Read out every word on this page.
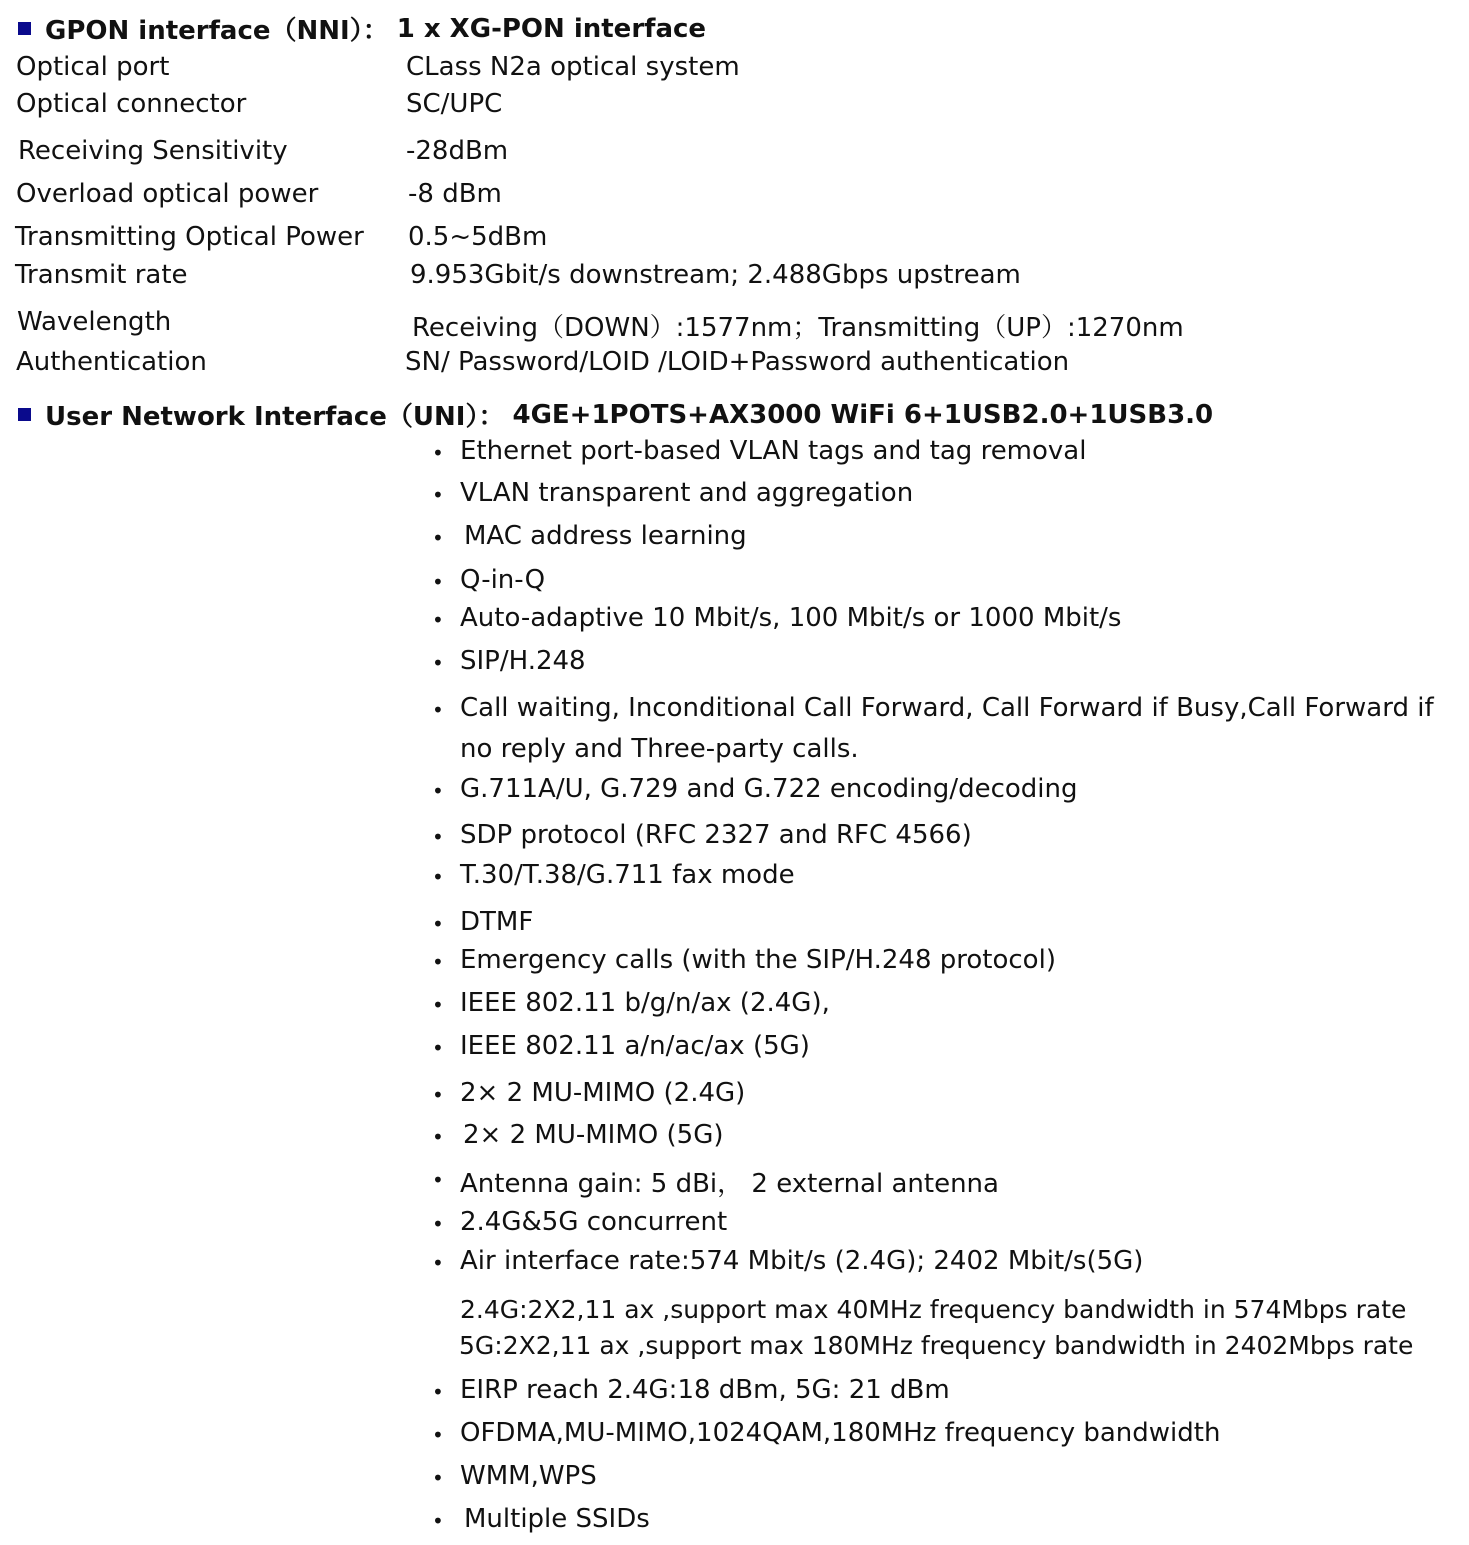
GPON interface（NNI）： 1 x XG-PON interface
Optical port	CLass N2a optical system
Optical connector	SC/UPC
Receiving Sensitivity	-28dBm
Overload optical power	-8 dBm
Transmitting Optical Power 0.5~5dBm
Transmit rate	9.953Gbit/s downstream; 2.488Gbps upstream
Wavelength	Receiving（DOWN）:1577nm；Transmitting（UP）:1270nm
Authentication	SN/ Password/LOID /LOID+Password authentication
User Network Interface（UNI）： 4GE+1POTS+AX3000 WiFi 6+1USB2.0+1USB3.0
• Ethernet port-based VLAN tags and tag removal
• VLAN transparent and aggregation
• MAC address learning
• Q-in-Q
• Auto-adaptive 10 Mbit/s, 100 Mbit/s or 1000 Mbit/s
• SIP/H.248
• Call waiting, Inconditional Call Forward, Call Forward if Busy,Call Forward if
no reply and Three-party calls.
• G.711A/U, G.729 and G.722 encoding/decoding
• SDP protocol (RFC 2327 and RFC 4566)
• T.30/T.38/G.711 fax mode
• DTMF
• Emergency calls (with the SIP/H.248 protocol)
• IEEE 802.11 b/g/n/ax (2.4G),
• IEEE 802.11 a/n/ac/ax (5G)
• 2× 2 MU-MIMO (2.4G)
• 2× 2 MU-MIMO (5G)
• Antenna gain: 5 dBi， 2 external antenna
• 2.4G&5G concurrent
• Air interface rate:574 Mbit/s (2.4G); 2402 Mbit/s(5G)
2.4G:2X2,11 ax ,support max 40MHz frequency bandwidth in 574Mbps rate
5G:2X2,11 ax ,support max 180MHz frequency bandwidth in 2402Mbps rate
• EIRP reach 2.4G:18 dBm, 5G: 21 dBm
• OFDMA,MU-MIMO,1024QAM,180MHz frequency bandwidth
• WMM,WPS
• Multiple SSIDs
